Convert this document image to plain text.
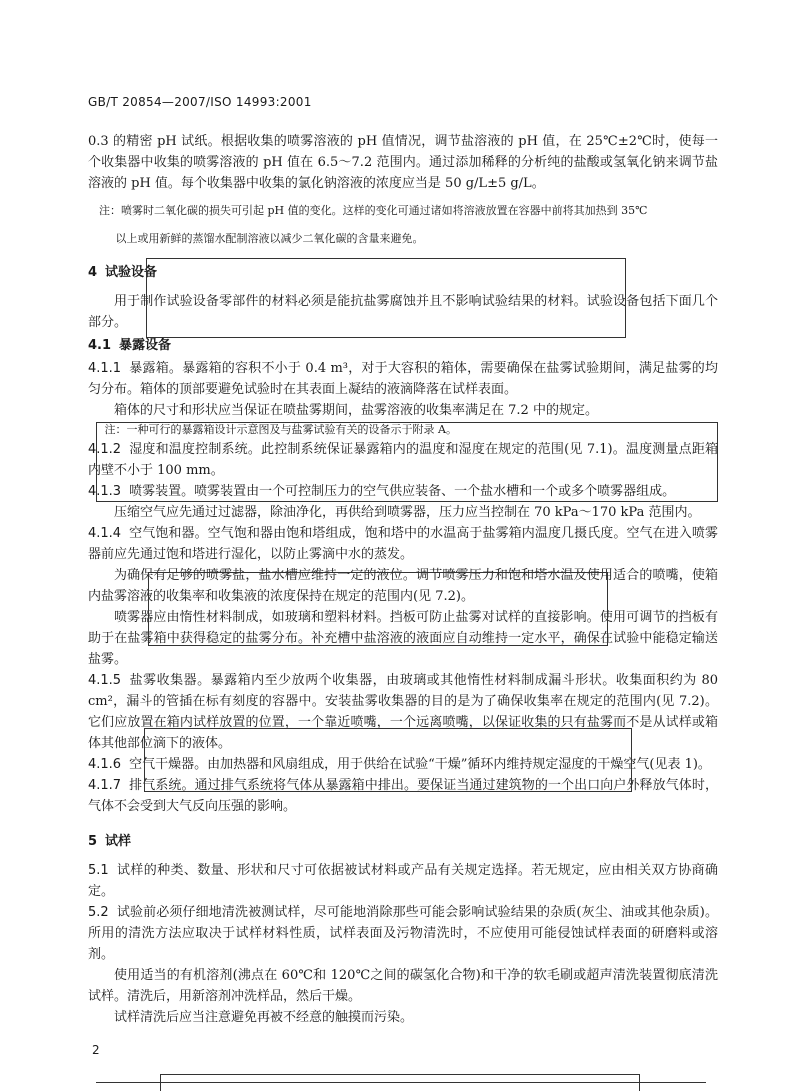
GB/T 20854—2007/ISO 14993:2001

0.3 的精密 pH 试纸。根据收集的喷雾溶液的 pH 值情况，调节盐溶液的 pH 值，在 25℃±2℃时，使每一个收集器中收集的喷雾溶液的 pH 值在 6.5～7.2 范围内。通过添加稀释的分析纯的盐酸或氢氧化钠来调节盐溶液的 pH 值。每个收集器中收集的氯化钠溶液的浓度应当是 50 g/L±5 g/L。

注：喷雾时二氧化碳的损失可引起 pH 值的变化。这样的变化可通过诸如将溶液放置在容器中前将其加热到 35℃

以上或用新鲜的蒸馏水配制溶液以减少二氧化碳的含量来避免。

4 试验设备

用于制作试验设备零部件的材料必须是能抗盐雾腐蚀并且不影响试验结果的材料。试验设备包括下面几个部分。

4.1 暴露设备

4.1.1 暴露箱。暴露箱的容积不小于 0.4 m³，对于大容积的箱体，需要确保在盐雾试验期间，满足盐雾的均匀分布。箱体的顶部要避免试验时在其表面上凝结的液滴降落在试样表面。

箱体的尺寸和形状应当保证在喷盐雾期间，盐雾溶液的收集率满足在 7.2 中的规定。

注：一种可行的暴露箱设计示意图及与盐雾试验有关的设备示于附录 A。

4.1.2 湿度和温度控制系统。此控制系统保证暴露箱内的温度和湿度在规定的范围(见 7.1)。温度测量点距箱内壁不小于 100 mm。

4.1.3 喷雾装置。喷雾装置由一个可控制压力的空气供应装备、一个盐水槽和一个或多个喷雾器组成。

压缩空气应先通过过滤器，除油净化，再供给到喷雾器，压力应当控制在 70 kPa～170 kPa 范围内。

4.1.4 空气饱和器。空气饱和器由饱和塔组成，饱和塔中的水温高于盐雾箱内温度几摄氏度。空气在进入喷雾器前应先通过饱和塔进行湿化，以防止雾滴中水的蒸发。

为确保有足够的喷雾盐，盐水槽应维持一定的液位。调节喷雾压力和饱和塔水温及使用适合的喷嘴，使箱内盐雾溶液的收集率和收集液的浓度保持在规定的范围内(见 7.2)。

喷雾器应由惰性材料制成，如玻璃和塑料材料。挡板可防止盐雾对试样的直接影响。使用可调节的挡板有助于在盐雾箱中获得稳定的盐雾分布。补充槽中盐溶液的液面应自动维持一定水平，确保在试验中能稳定输送盐雾。

4.1.5 盐雾收集器。暴露箱内至少放两个收集器，由玻璃或其他惰性材料制成漏斗形状。收集面积约为 80 cm²，漏斗的管插在标有刻度的容器中。安装盐雾收集器的目的是为了确保收集率在规定的范围内(见 7.2)。它们应放置在箱内试样放置的位置，一个靠近喷嘴，一个远离喷嘴，以保证收集的只有盐雾而不是从试样或箱体其他部位滴下的液体。

4.1.6 空气干燥器。由加热器和风扇组成，用于供给在试验“干燥”循环内维持规定湿度的干燥空气(见表 1)。

4.1.7 排气系统。通过排气系统将气体从暴露箱中排出。要保证当通过建筑物的一个出口向户外释放气体时，气体不会受到大气反向压强的影响。

5 试样

5.1 试样的种类、数量、形状和尺寸可依据被试材料或产品有关规定选择。若无规定，应由相关双方协商确定。

5.2 试验前必须仔细地清洗被测试样，尽可能地消除那些可能会影响试验结果的杂质(灰尘、油或其他杂质)。所用的清洗方法应取决于试样材料性质，试样表面及污物清洗时，不应使用可能侵蚀试样表面的研磨料或溶剂。

使用适当的有机溶剂(沸点在 60℃和 120℃之间的碳氢化合物)和干净的软毛刷或超声清洗装置彻底清洗试样。清洗后，用新溶剂冲洗样品，然后干燥。

试样清洗后应当注意避免再被不经意的触摸而污染。

2
